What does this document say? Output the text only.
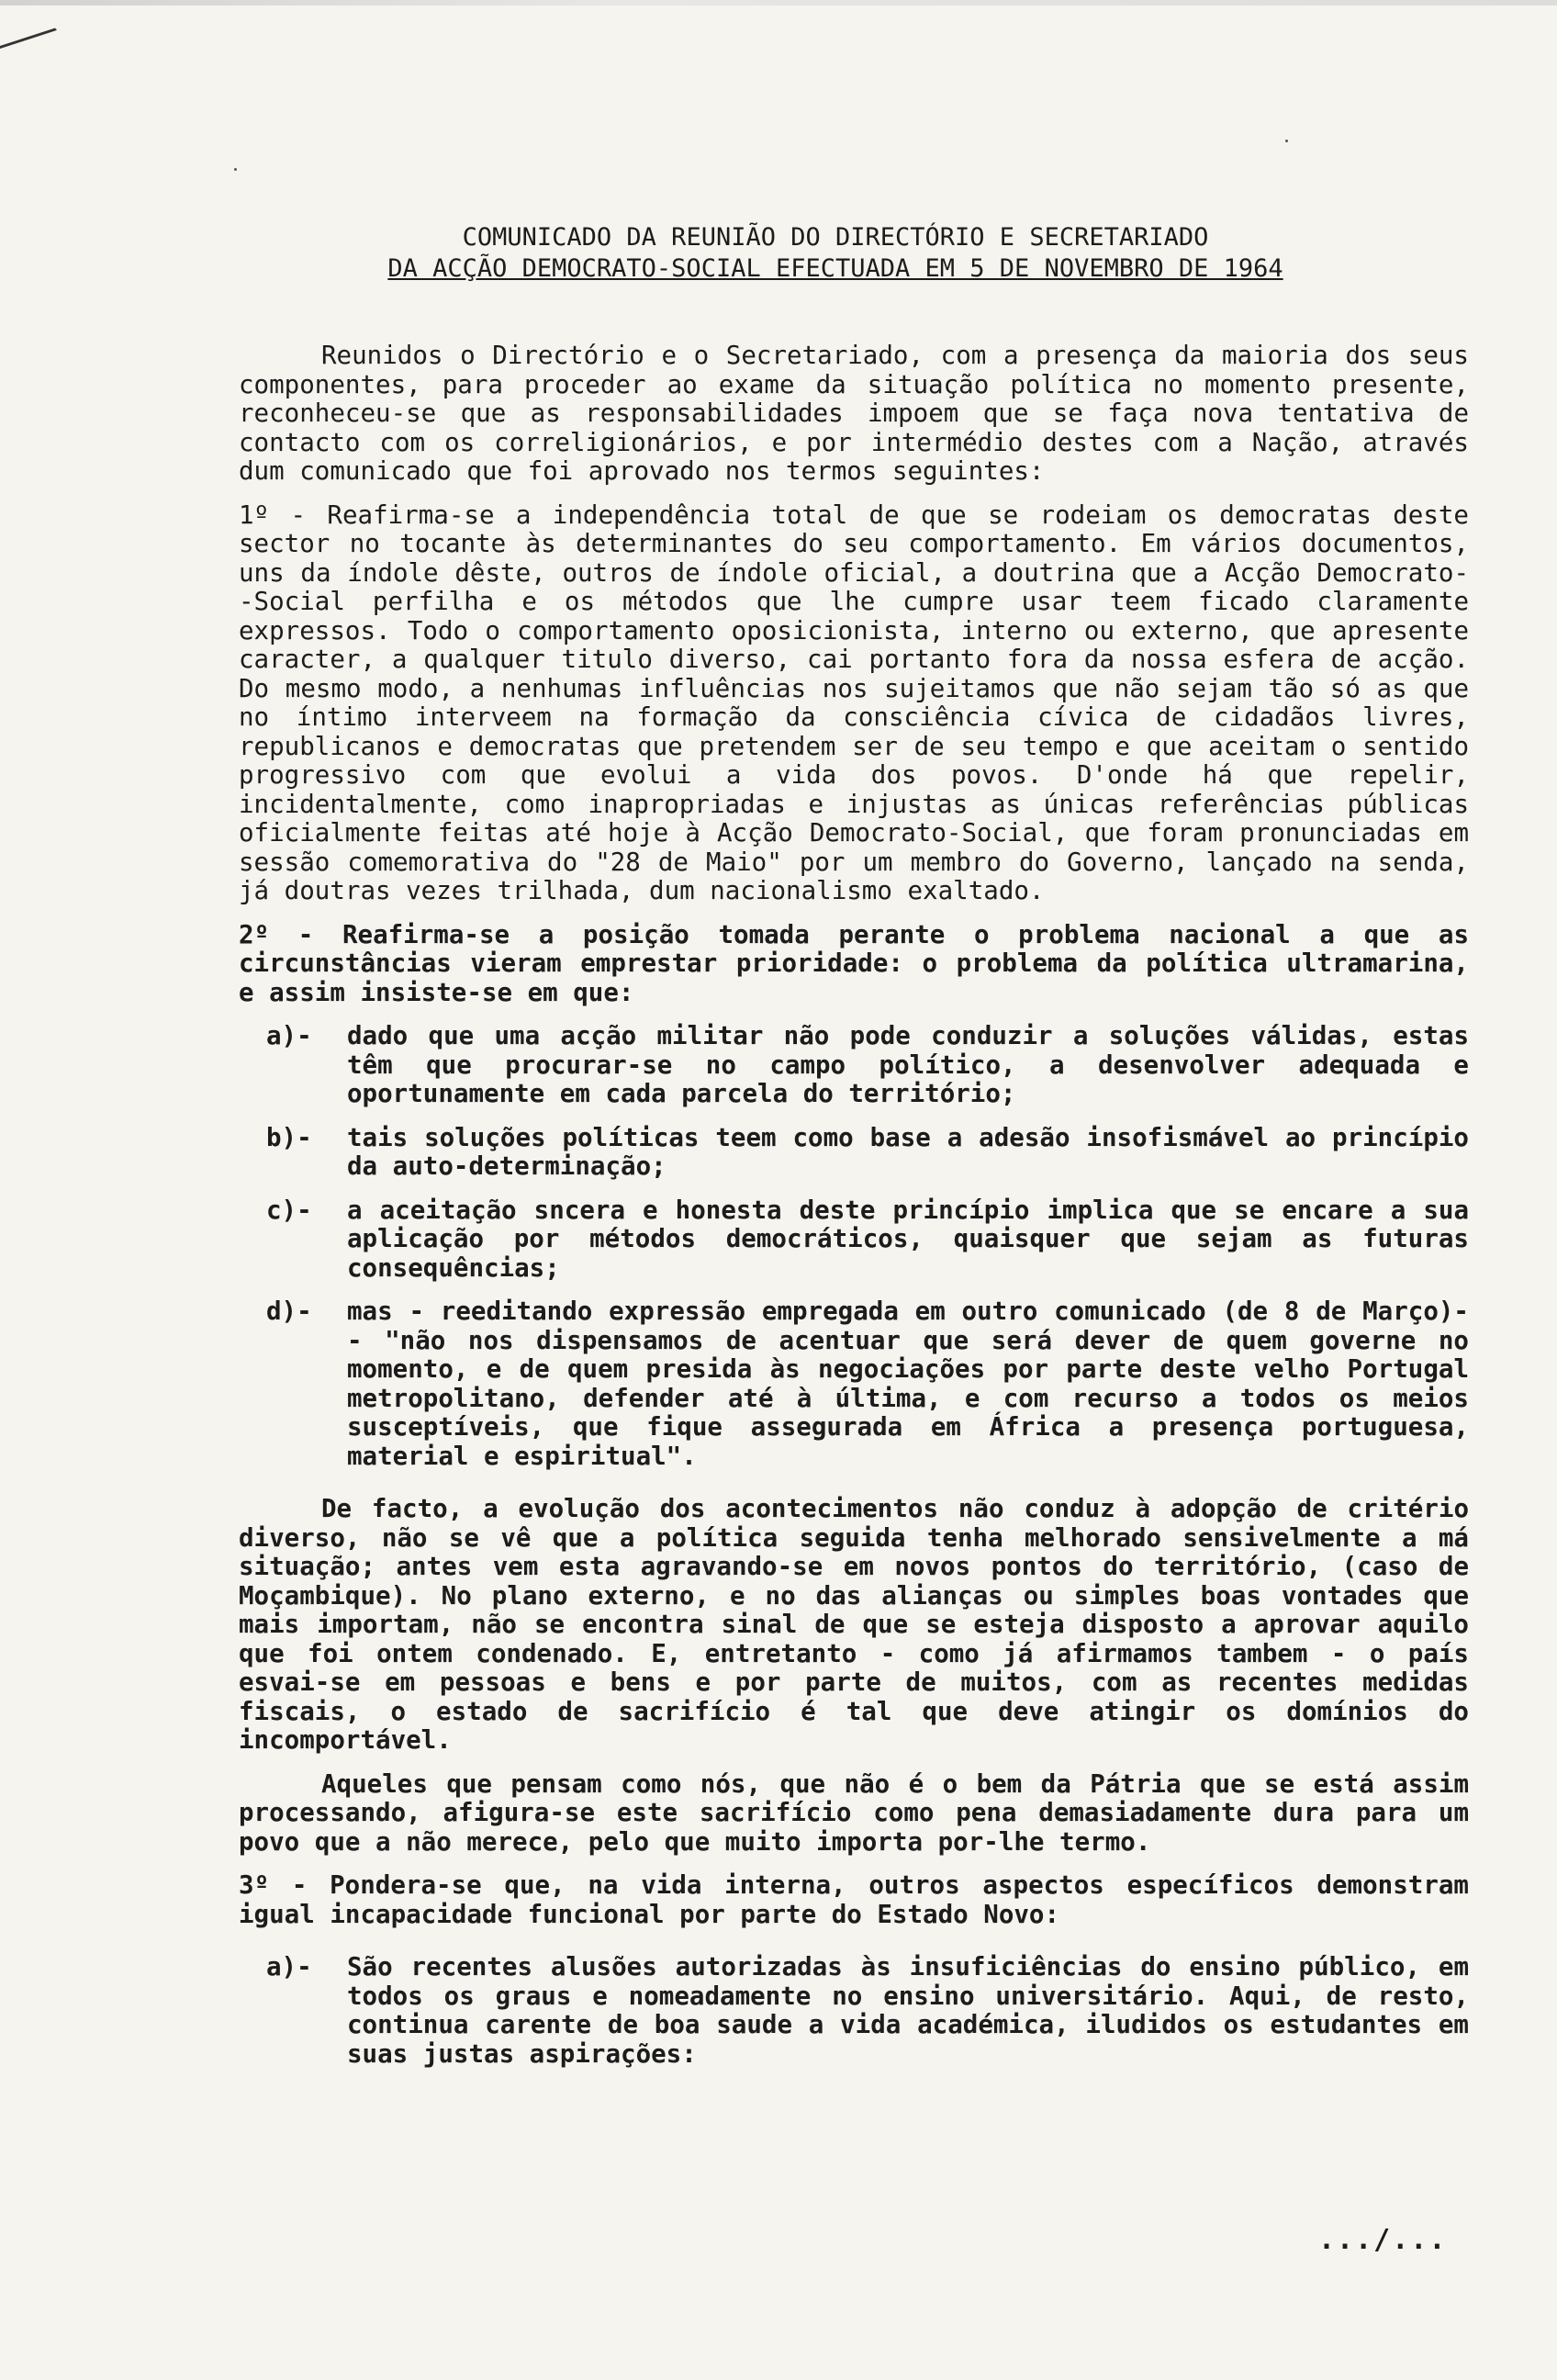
COMUNICADO DA REUNIÃO DO DIRECTÓRIO E SECRETARIADO
DA ACÇÃO DEMOCRATO-SOCIAL EFECTUADA EM 5 DE NOVEMBRO DE 1964

Reunidos o Directório e o Secretariado, com a presença da maioria dos seus componentes, para proceder ao exame da situação política no momento presente, reconheceu-se que as responsabilidades impoem que se faça nova tentativa de contacto com os correligionários, e por intermédio destes com a Nação, através dum comunicado que foi aprovado nos termos seguintes:

1º - Reafirma-se a independência total de que se rodeiam os democratas deste sector no tocante às determinantes do seu comportamento. Em vários documentos, uns da índole dêste, outros de índole oficial, a doutrina que a Acção Democrato--Social perfilha e os métodos que lhe cumpre usar teem ficado claramente expressos. Todo o comportamento oposicionista, interno ou externo, que apresente caracter, a qualquer titulo diverso, cai portanto fora da nossa esfera de acção. Do mesmo modo, a nenhumas influências nos sujeitamos que não sejam tão só as que no íntimo interveem na formação da consciência cívica de cidadãos livres, republicanos e democratas que pretendem ser de seu tempo e que aceitam o sentido progressivo com que evolui a vida dos povos. D'onde há que repelir, incidentalmente, como inapropriadas e injustas as únicas referências públicas oficialmente feitas até hoje à Acção Democrato-Social, que foram pronunciadas em sessão comemorativa do "28 de Maio" por um membro do Governo, lançado na senda, já doutras vezes trilhada, dum nacionalismo exaltado.

2º - Reafirma-se a posição tomada perante o problema nacional a que as circunstâncias vieram emprestar prioridade: o problema da política ultramarina, e assim insiste-se em que:

a)- dado que uma acção militar não pode conduzir a soluções válidas, estas têm que procurar-se no campo político, a desenvolver adequada e oportunamente em cada parcela do território;
b)- tais soluções políticas teem como base a adesão insofismável ao princípio da auto-determinação;
c)- a aceitação sncera e honesta deste princípio implica que se encare a sua aplicação por métodos democráticos, quaisquer que sejam as futuras consequências;
d)- mas - reeditando expressão empregada em outro comunicado (de 8 de Março)- - "não nos dispensamos de acentuar que será dever de quem governe no momento, e de quem presida às negociações por parte deste velho Portugal metropolitano, defender até à última, e com recurso a todos os meios susceptíveis, que fique assegurada em África a presença portuguesa, material e espiritual".

De facto, a evolução dos acontecimentos não conduz à adopção de critério diverso, não se vê que a política seguida tenha melhorado sensivelmente a má situação; antes vem esta agravando-se em novos pontos do território, (caso de Moçambique). No plano externo, e no das alianças ou simples boas vontades que mais importam, não se encontra sinal de que se esteja disposto a aprovar aquilo que foi ontem condenado. E, entretanto - como já afirmamos tambem - o país esvai-se em pessoas e bens e por parte de muitos, com as recentes medidas fiscais, o estado de sacrifício é tal que deve atingir os domínios do incomportável.

Aqueles que pensam como nós, que não é o bem da Pátria que se está assim processando, afigura-se este sacrifício como pena demasiadamente dura para um povo que a não merece, pelo que muito importa por-lhe termo.

3º - Pondera-se que, na vida interna, outros aspectos específicos demonstram igual incapacidade funcional por parte do Estado Novo:

a)- São recentes alusões autorizadas às insuficiências do ensino público, em todos os graus e nomeadamente no ensino universitário. Aqui, de resto, continua carente de boa saude a vida académica, iludidos os estudantes em suas justas aspirações:
.../...
